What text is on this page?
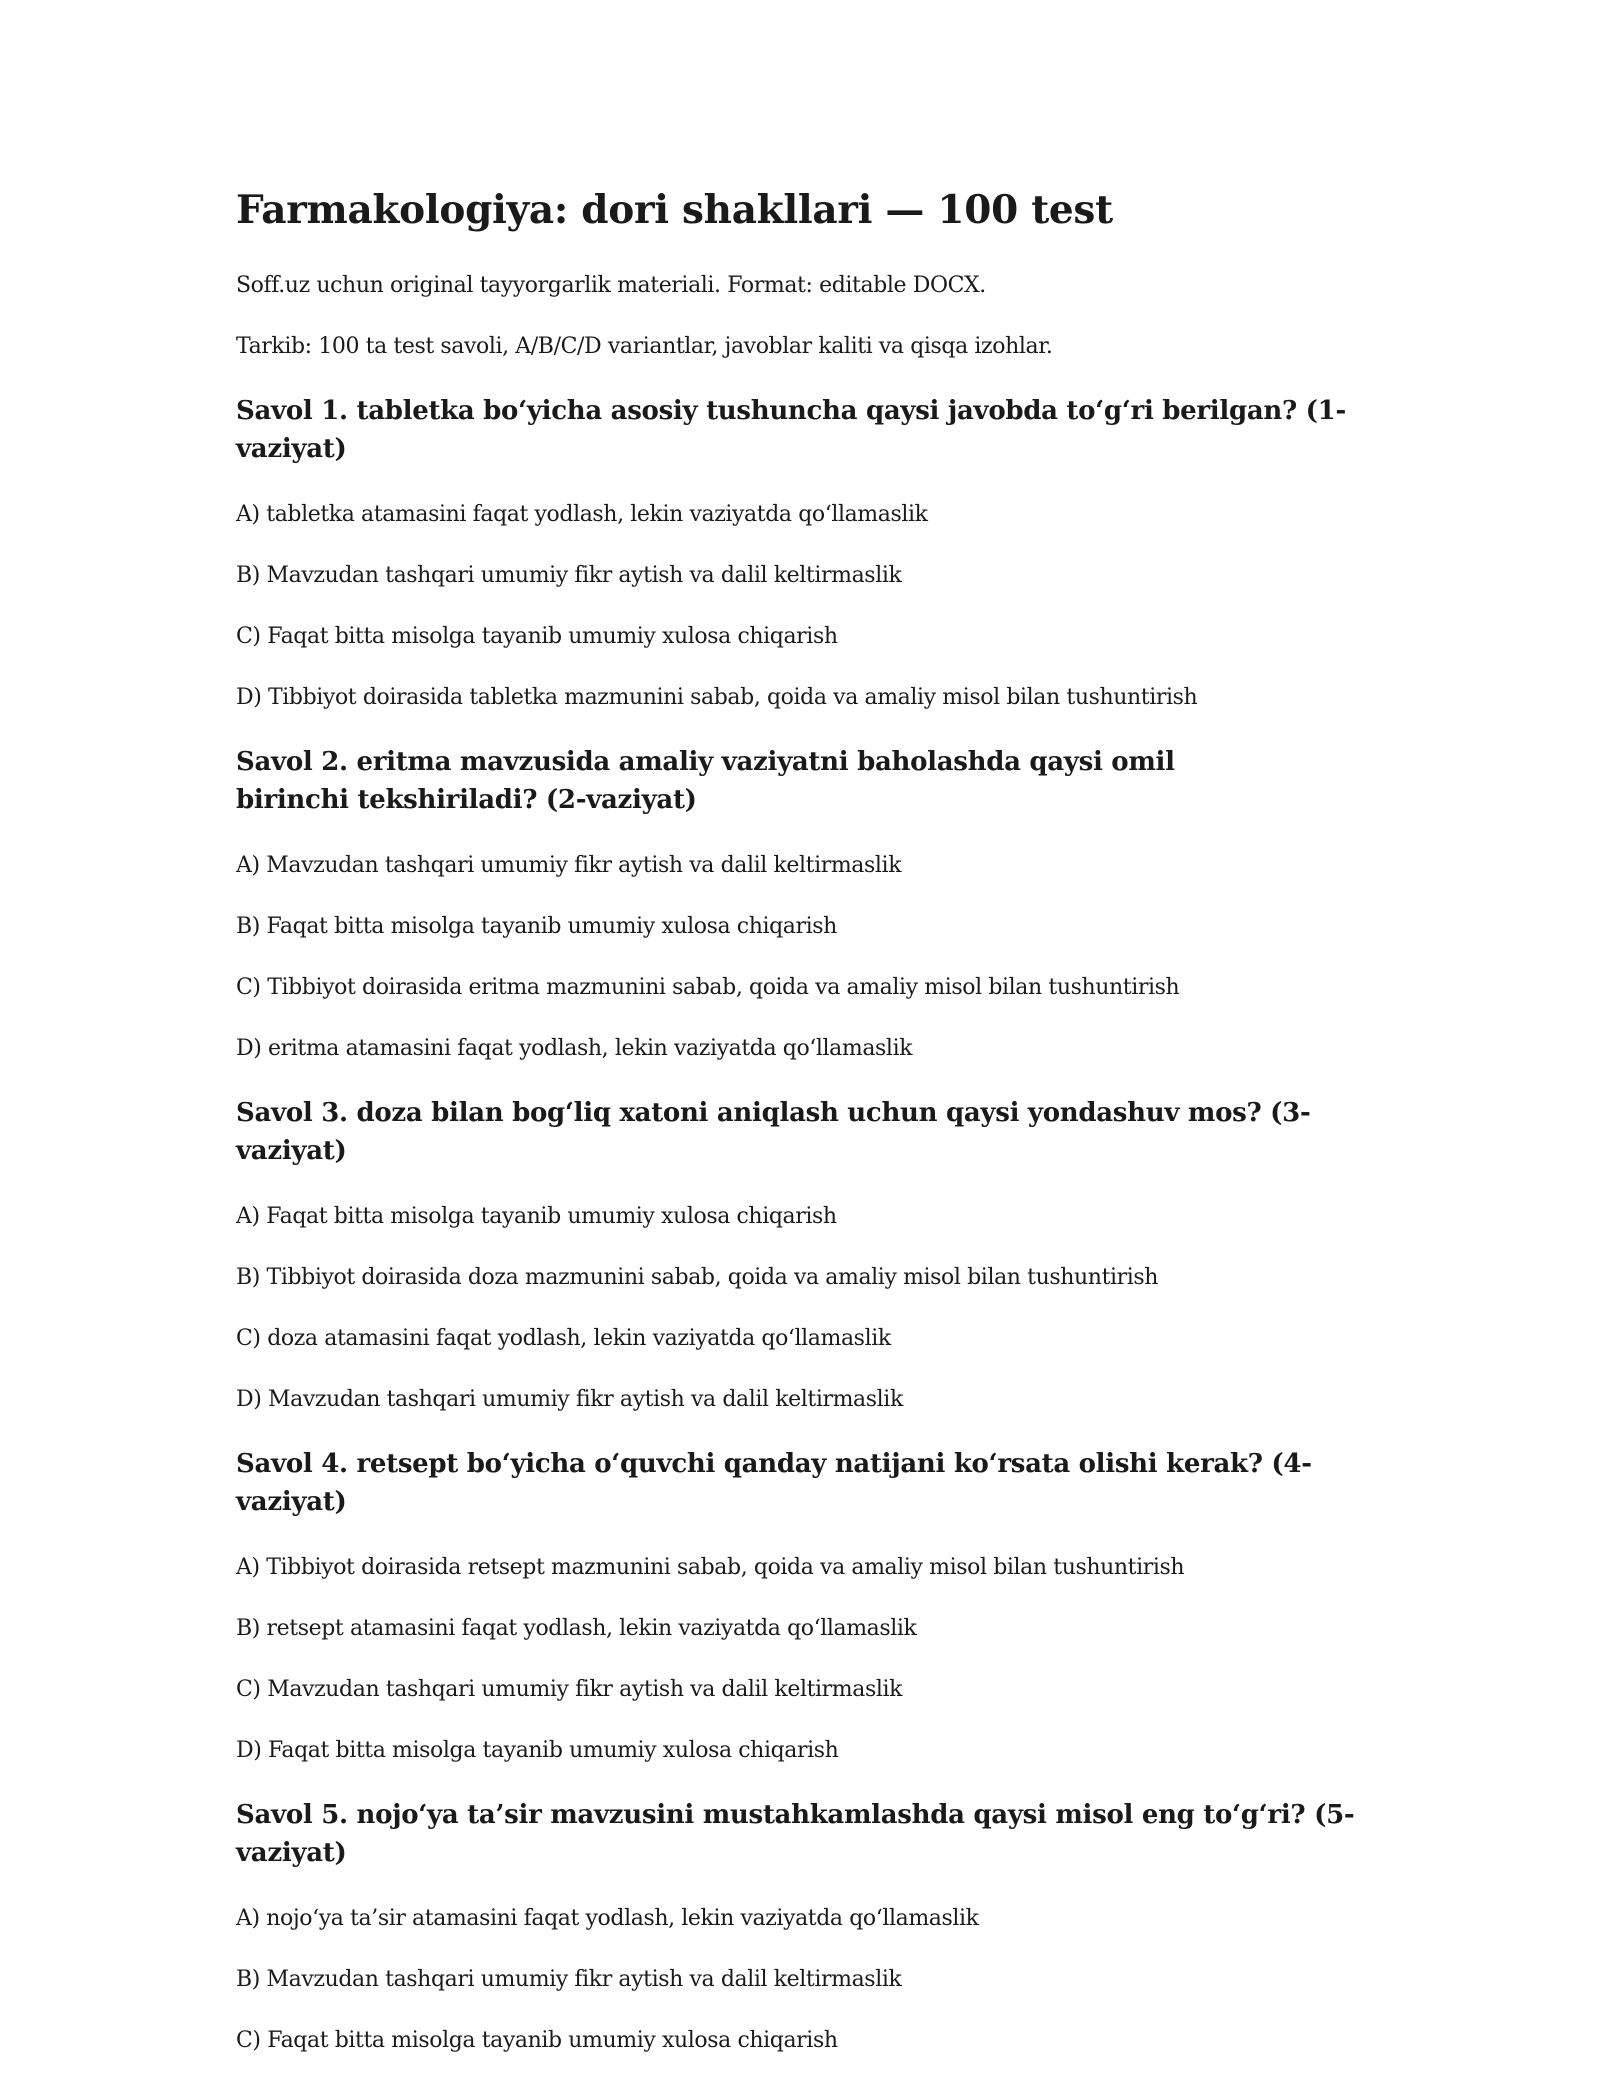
Farmakologiya: dori shakllari — 100 test

Soff.uz uchun original tayyorgarlik materiali. Format: editable DOCX.

Tarkib: 100 ta test savoli, A/B/C/D variantlar, javoblar kaliti va qisqa izohlar.

Savol 1. tabletka bo‘yicha asosiy tushuncha qaysi javobda to‘g‘ri berilgan? (1-vaziyat)
A) tabletka atamasini faqat yodlash, lekin vaziyatda qo‘llamaslik
B) Mavzudan tashqari umumiy fikr aytish va dalil keltirmaslik
C) Faqat bitta misolga tayanib umumiy xulosa chiqarish
D) Tibbiyot doirasida tabletka mazmunini sabab, qoida va amaliy misol bilan tushuntirish
Savol 2. eritma mavzusida amaliy vaziyatni baholashda qaysi omil birinchi tekshiriladi? (2-vaziyat)
A) Mavzudan tashqari umumiy fikr aytish va dalil keltirmaslik
B) Faqat bitta misolga tayanib umumiy xulosa chiqarish
C) Tibbiyot doirasida eritma mazmunini sabab, qoida va amaliy misol bilan tushuntirish
D) eritma atamasini faqat yodlash, lekin vaziyatda qo‘llamaslik
Savol 3. doza bilan bog‘liq xatoni aniqlash uchun qaysi yondashuv mos? (3-vaziyat)
A) Faqat bitta misolga tayanib umumiy xulosa chiqarish
B) Tibbiyot doirasida doza mazmunini sabab, qoida va amaliy misol bilan tushuntirish
C) doza atamasini faqat yodlash, lekin vaziyatda qo‘llamaslik
D) Mavzudan tashqari umumiy fikr aytish va dalil keltirmaslik
Savol 4. retsept bo‘yicha o‘quvchi qanday natijani ko‘rsata olishi kerak? (4-vaziyat)
A) Tibbiyot doirasida retsept mazmunini sabab, qoida va amaliy misol bilan tushuntirish
B) retsept atamasini faqat yodlash, lekin vaziyatda qo‘llamaslik
C) Mavzudan tashqari umumiy fikr aytish va dalil keltirmaslik
D) Faqat bitta misolga tayanib umumiy xulosa chiqarish
Savol 5. nojo‘ya ta’sir mavzusini mustahkamlashda qaysi misol eng to‘g‘ri? (5-vaziyat)
A) nojo‘ya ta’sir atamasini faqat yodlash, lekin vaziyatda qo‘llamaslik
B) Mavzudan tashqari umumiy fikr aytish va dalil keltirmaslik
C) Faqat bitta misolga tayanib umumiy xulosa chiqarish
